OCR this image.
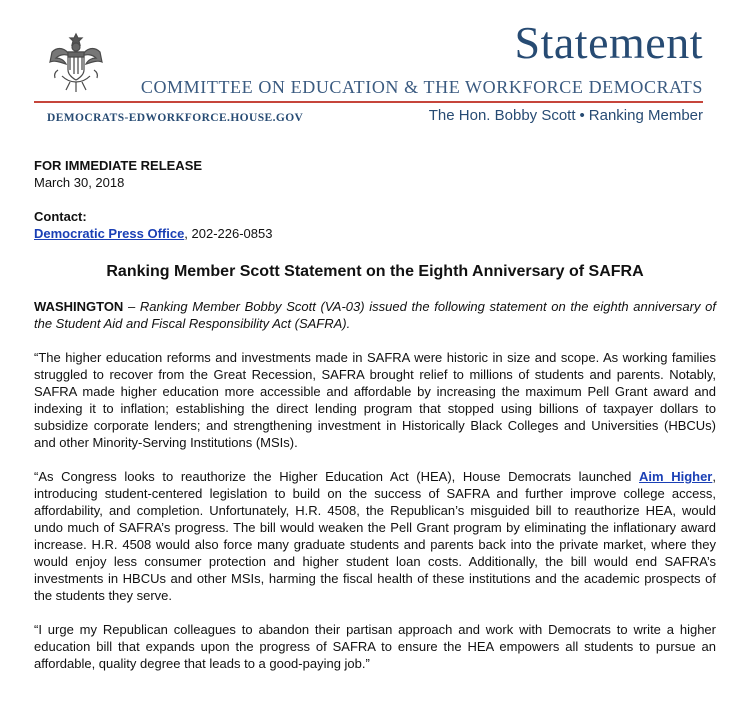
Statement
COMMITTEE ON EDUCATION & THE WORKFORCE DEMOCRATS
DEMOCRATS-EDWORKFORCE.HOUSE.GOV	The Hon. Bobby Scott • Ranking Member

FOR IMMEDIATE RELEASE

March 30, 2018

Contact:

Democratic Press Office, 202-226-0853

Ranking Member Scott Statement on the Eighth Anniversary of SAFRA

WASHINGTON – Ranking Member Bobby Scott (VA-03) issued the following statement on the eighth anniversary of the Student Aid and Fiscal Responsibility Act (SAFRA).

“The higher education reforms and investments made in SAFRA were historic in size and scope. As working families struggled to recover from the Great Recession, SAFRA brought relief to millions of students and parents. Notably, SAFRA made higher education more accessible and affordable by increasing the maximum Pell Grant award and indexing it to inflation; establishing the direct lending program that stopped using billions of taxpayer dollars to subsidize corporate lenders; and strengthening investment in Historically Black Colleges and Universities (HBCUs) and other Minority-Serving Institutions (MSIs).

“As Congress looks to reauthorize the Higher Education Act (HEA), House Democrats launched Aim Higher, introducing student-centered legislation to build on the success of SAFRA and further improve college access, affordability, and completion. Unfortunately, H.R. 4508, the Republican’s misguided bill to reauthorize HEA, would undo much of SAFRA’s progress. The bill would weaken the Pell Grant program by eliminating the inflationary award increase. H.R. 4508 would also force many graduate students and parents back into the private market, where they would enjoy less consumer protection and higher student loan costs. Additionally, the bill would end SAFRA’s investments in HBCUs and other MSIs, harming the fiscal health of these institutions and the academic prospects of the students they serve.

“I urge my Republican colleagues to abandon their partisan approach and work with Democrats to write a higher education bill that expands upon the progress of SAFRA to ensure the HEA empowers all students to pursue an affordable, quality degree that leads to a good-paying job.”
